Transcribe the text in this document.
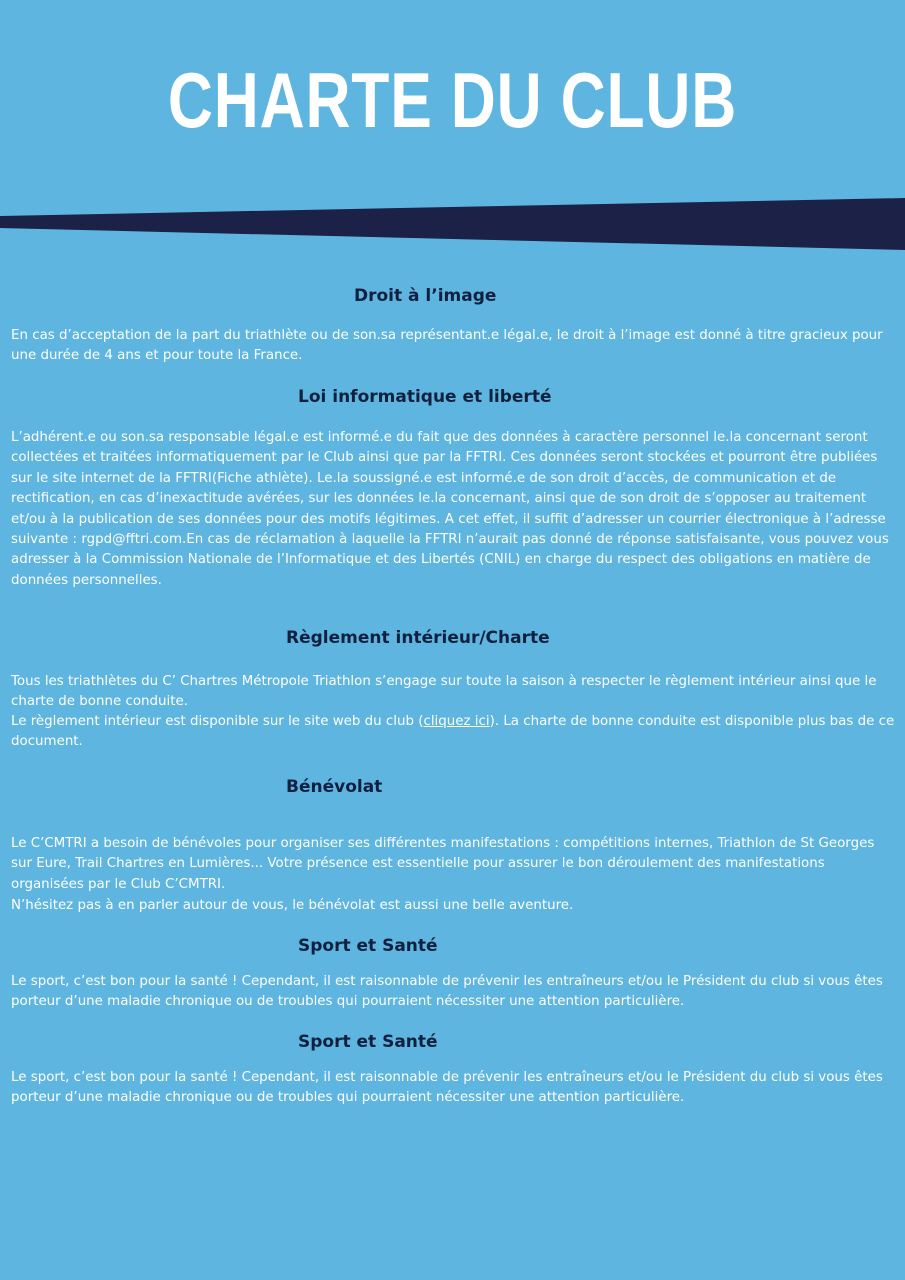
CHARTE DU CLUB
Droit à l’image

En cas d’acceptation de la part du triathlète ou de son.sa représentant.e légal.e, le droit à l’image est donné à titre gracieux pour une durée de 4 ans et pour toute la France.

Loi informatique et liberté

L’adhérent.e ou son.sa responsable légal.e est informé.e du fait que des données à caractère personnel le.la concernant seront collectées et traitées informatiquement par le Club ainsi que par la FFTRI. Ces données seront stockées et pourront être publiées sur le site internet de la FFTRI(Fiche athlète). Le.la soussigné.e est informé.e de son droit d’accès, de communication et de rectification, en cas d’inexactitude avérées, sur les données le.la concernant, ainsi que de son droit de s’opposer au traitement et/ou à la publication de ses données pour des motifs légitimes. A cet effet, il suffit d’adresser un courrier électronique à l’adresse suivante : rgpd@fftri.com.En cas de réclamation à laquelle la FFTRI n’aurait pas donné de réponse satisfaisante, vous pouvez vous adresser à la Commission Nationale de l’Informatique et des Libertés (CNIL) en charge du respect des obligations en matière de données personnelles.

Règlement intérieur/Charte

Tous les triathlètes du C’ Chartres Métropole Triathlon s’engage sur toute la saison à respecter le règlement intérieur ainsi que le charte de bonne conduite.

Le règlement intérieur est disponible sur le site web du club (cliquez ici). La charte de bonne conduite est disponible plus bas de ce document.

Bénévolat

Le C’CMTRI a besoin de bénévoles pour organiser ses différentes manifestations : compétitions internes, Triathlon de St Georges sur Eure, Trail Chartres en Lumières... Votre présence est essentielle pour assurer le bon déroulement des manifestations organisées par le Club C’CMTRI.

N’hésitez pas à en parler autour de vous, le bénévolat est aussi une belle aventure.

Sport et Santé

Le sport, c’est bon pour la santé ! Cependant, il est raisonnable de prévenir les entraîneurs et/ou le Président du club si vous êtes porteur d’une maladie chronique ou de troubles qui pourraient nécessiter une attention particulière.

Sport et Santé

Le sport, c’est bon pour la santé ! Cependant, il est raisonnable de prévenir les entraîneurs et/ou le Président du club si vous êtes porteur d’une maladie chronique ou de troubles qui pourraient nécessiter une attention particulière.
